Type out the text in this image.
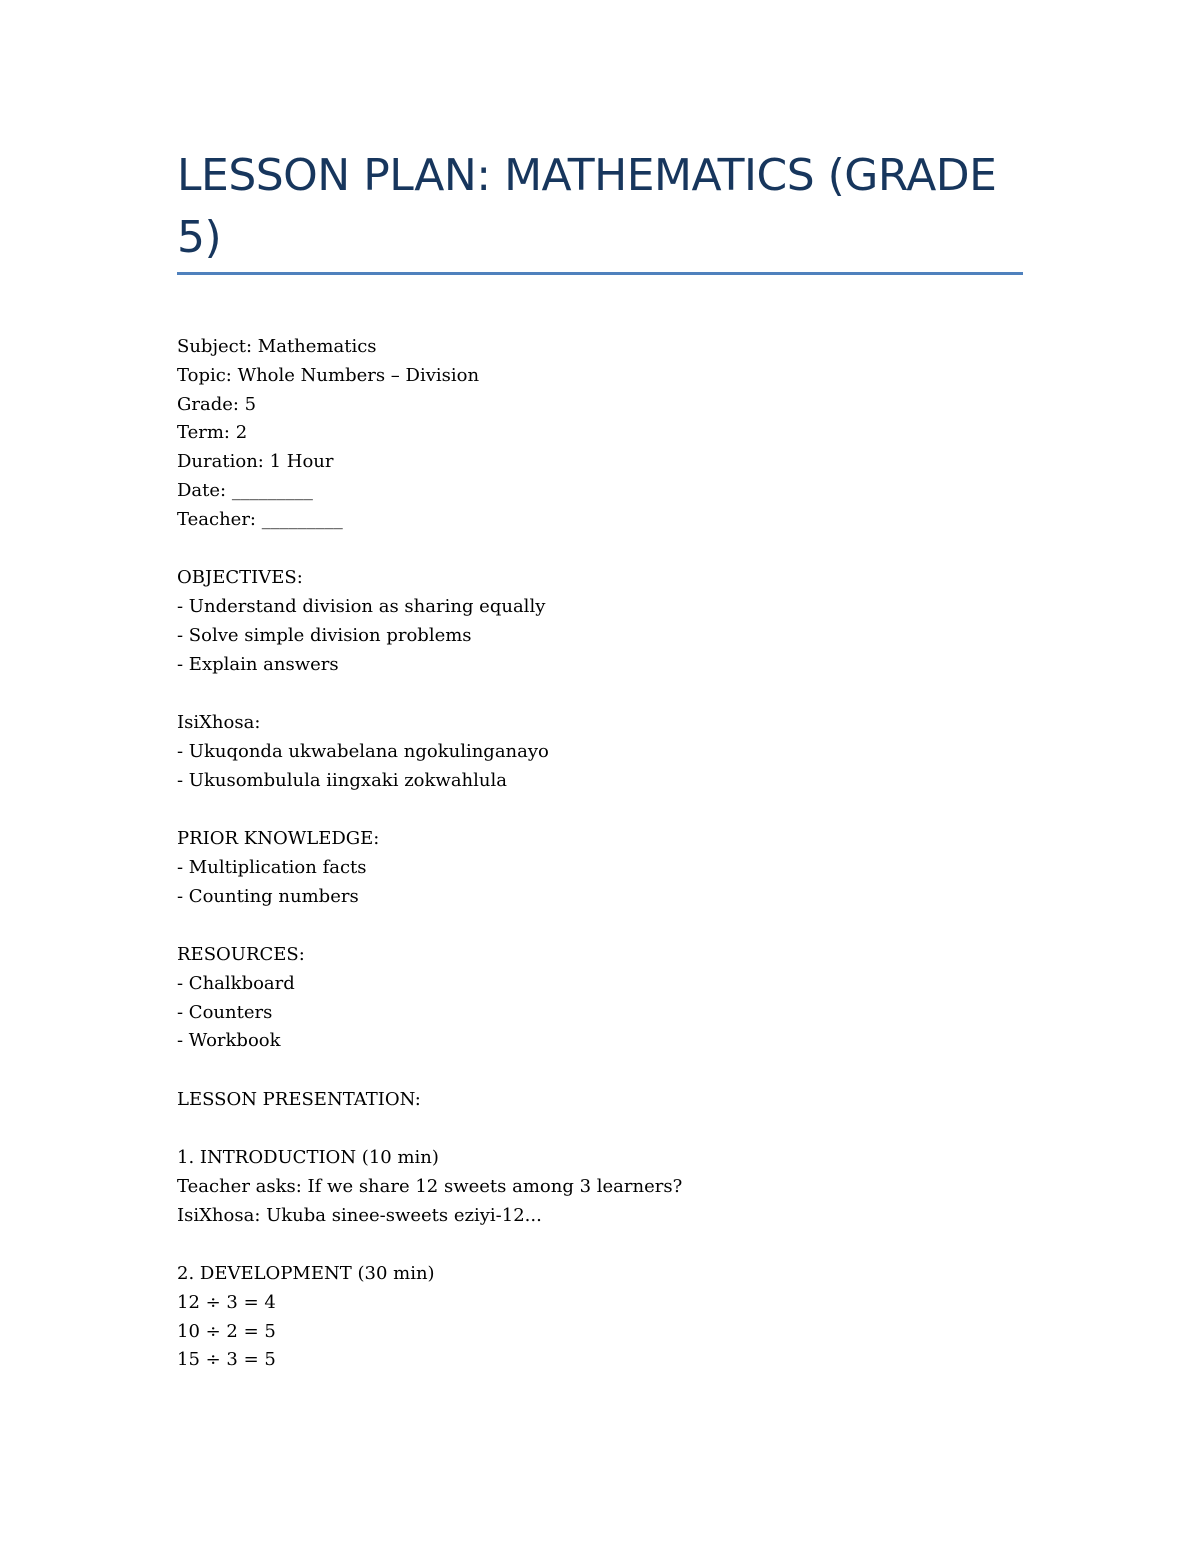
LESSON PLAN: MATHEMATICS (GRADE 5)
Subject: Mathematics
Topic: Whole Numbers – Division
Grade: 5
Term: 2
Duration: 1 Hour
Date: _________
Teacher: _________
OBJECTIVES:
- Understand division as sharing equally
- Solve simple division problems
- Explain answers
IsiXhosa:
- Ukuqonda ukwabelana ngokulinganayo
- Ukusombulula iingxaki zokwahlula
PRIOR KNOWLEDGE:
- Multiplication facts
- Counting numbers
RESOURCES:
- Chalkboard
- Counters
- Workbook
LESSON PRESENTATION:
1. INTRODUCTION (10 min)
Teacher asks: If we share 12 sweets among 3 learners?
IsiXhosa: Ukuba sinee-sweets eziyi-12...
2. DEVELOPMENT (30 min)
12 ÷ 3 = 4
10 ÷ 2 = 5
15 ÷ 3 = 5
